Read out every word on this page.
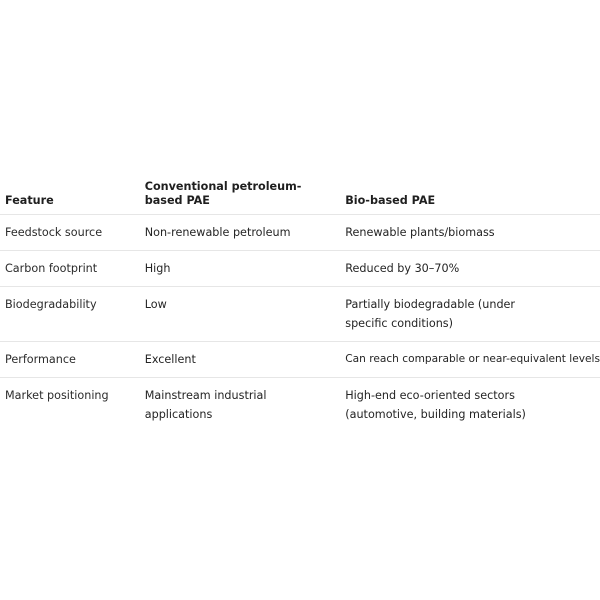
Feature	Conventional petroleum-based PAE	Bio-based PAE
Feedstock source	Non-renewable petroleum	Renewable plants/biomass
Carbon footprint	High	Reduced by 30–70%
Biodegradability	Low	Partially biodegradable (under specific conditions)
Performance	Excellent	Can reach comparable or near-equivalent levels
Market positioning	Mainstream industrial applications	High-end eco-oriented sectors (automotive, building materials)
